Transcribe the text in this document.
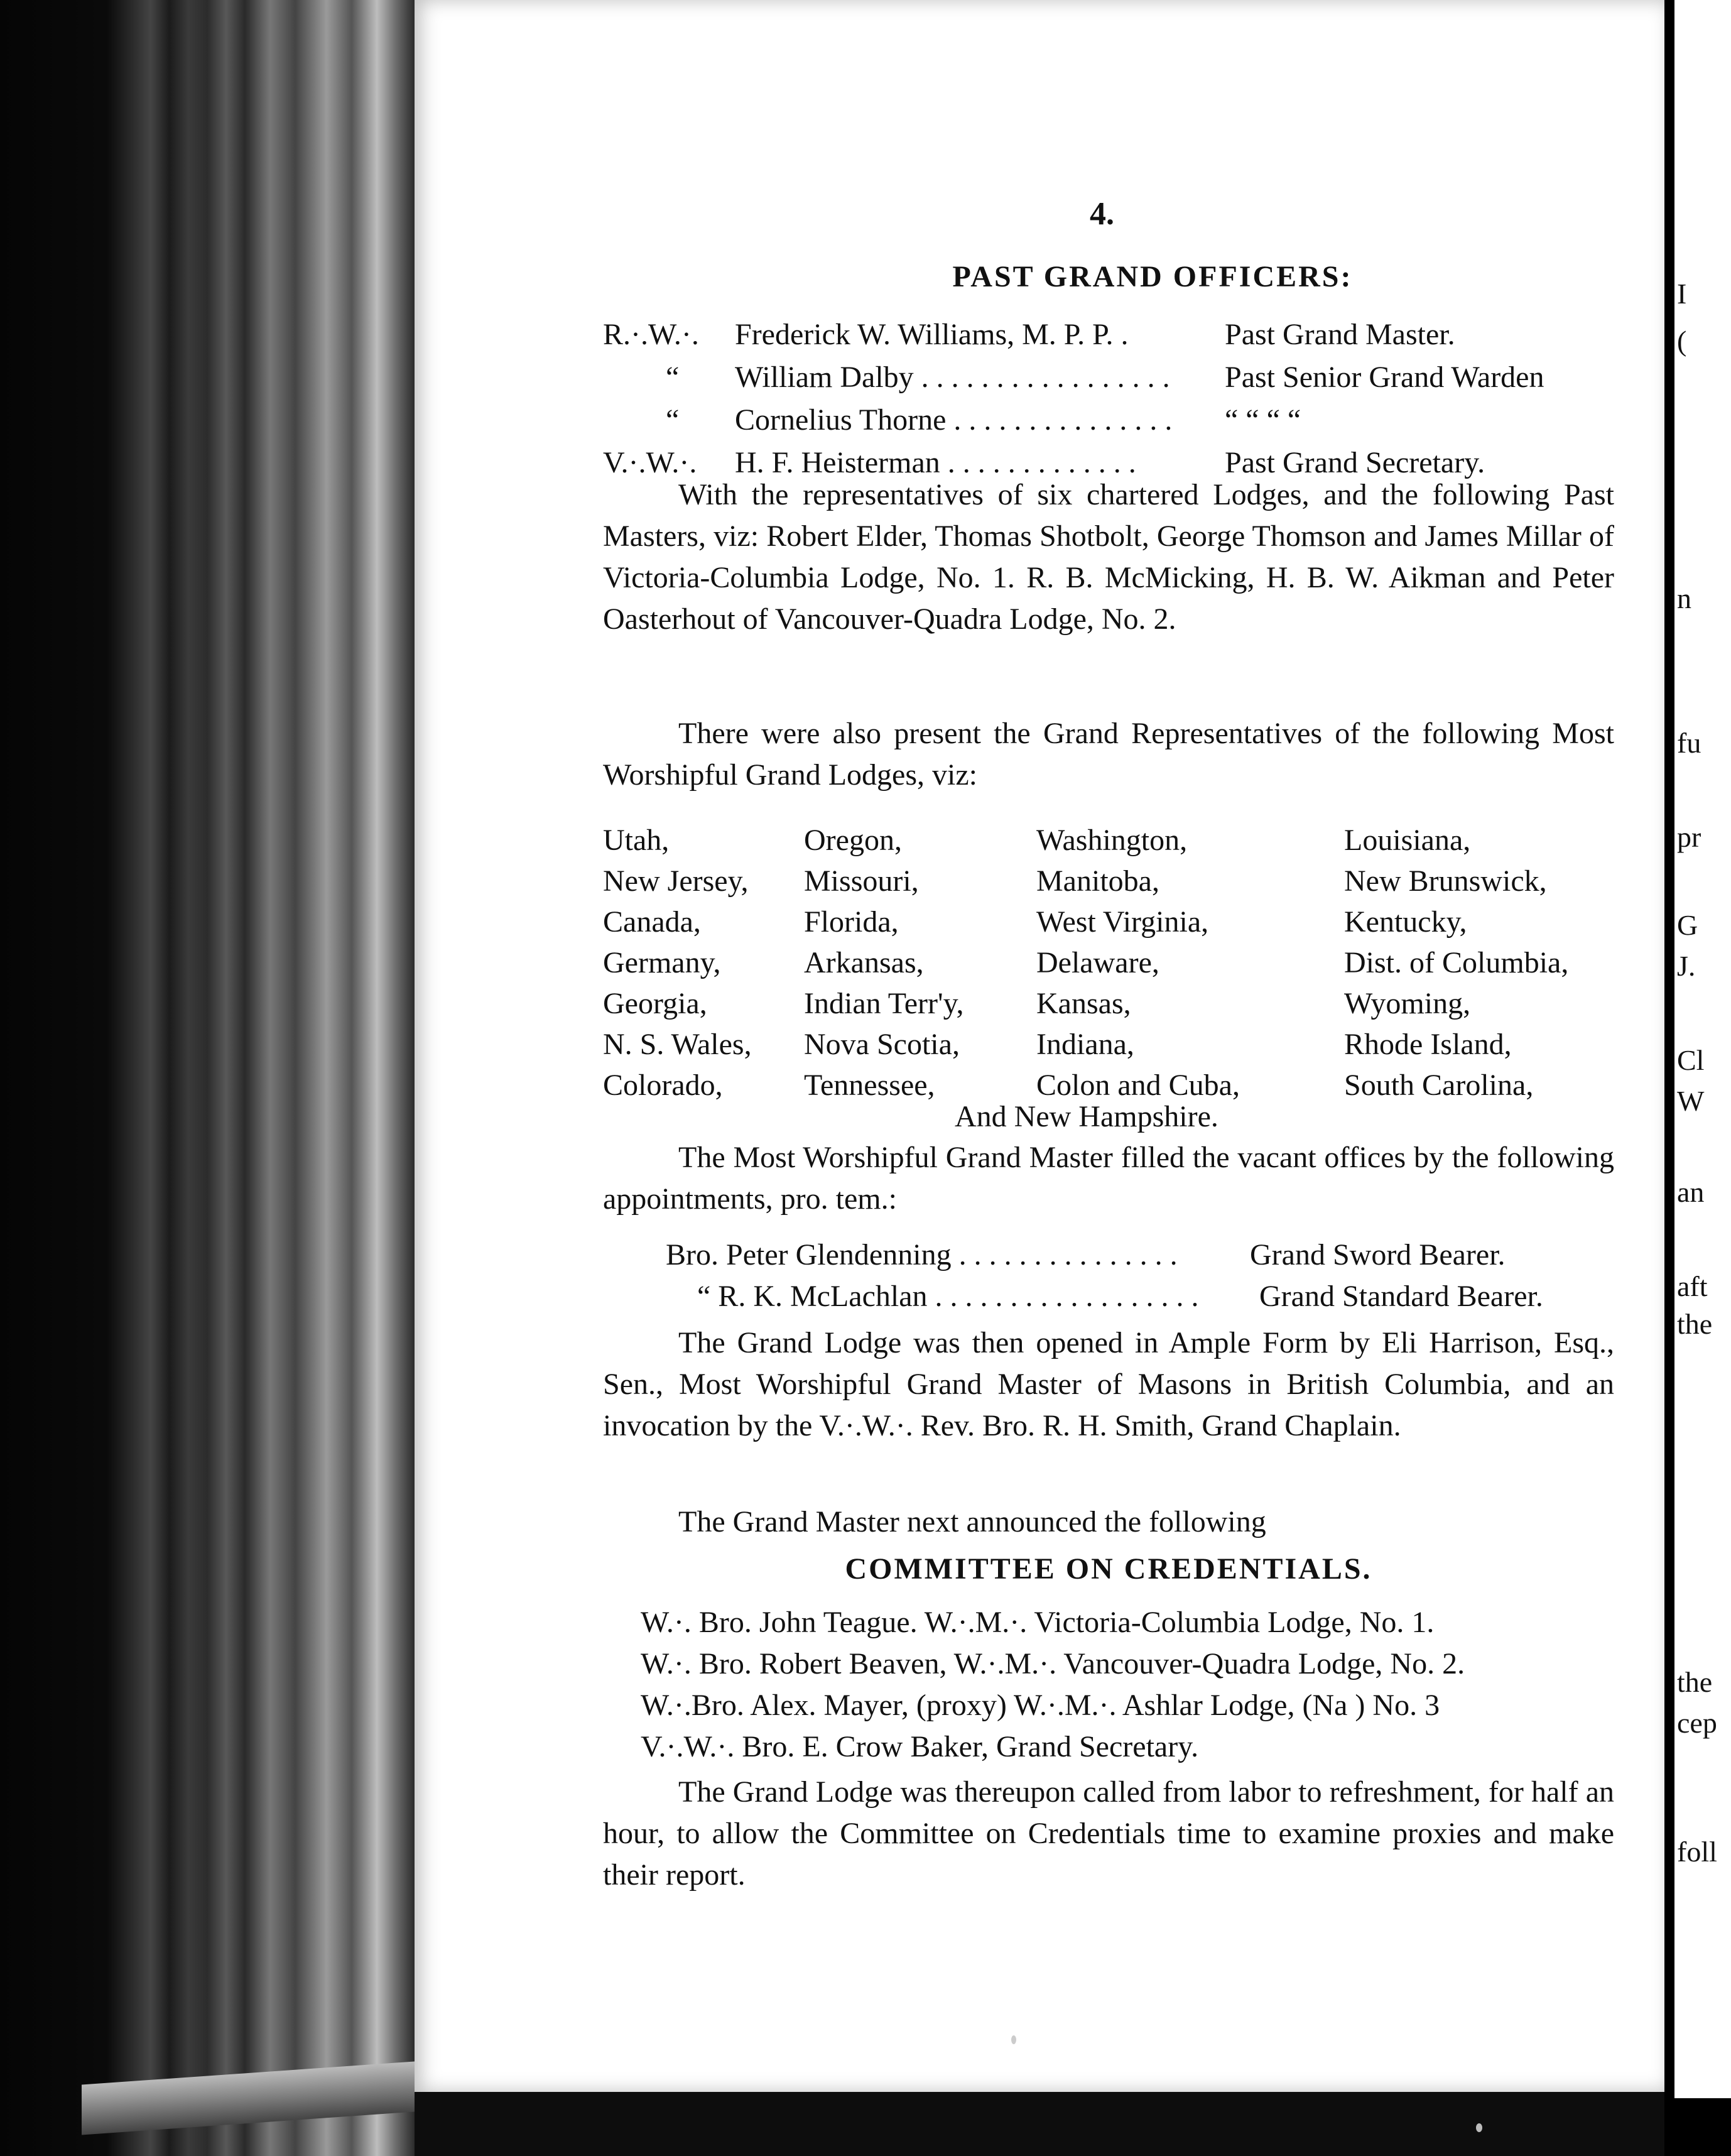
I
(
n
fu
pr
G
J.
Cl
W
an
aft
the
the
cep
foll
4.
PAST GRAND OFFICERS:
R.·.W.·. Frederick W. Williams, M. P. P. .	Past Grand Master.
“ William Dalby . . . . . . . . . . . . . . . . . Past Senior Grand Warden
“ Cornelius Thorne . . . . . . . . . . . . . . . “ “ “ “
V.·.W.·. H. F. Heisterman . . . . . . . . . . . . .	Past Grand Secretary.
With the representatives of six chartered Lodges, and the following Past Masters, viz: Robert Elder, Thomas Shotbolt, George Thomson and James Millar of Victoria-Columbia Lodge, No. 1. R. B. McMicking, H. B. W. Aikman and Peter Oasterhout of Vancouver-Quadra Lodge, No. 2.
There were also present the Grand Representatives of the following Most Worshipful Grand Lodges, viz:
Utah,	Oregon,	Washington,	Louisiana,
New Jersey,	Missouri,	Manitoba,	New Brunswick,
Canada,	Florida,	West Virginia,	Kentucky,
Germany,	Arkansas,	Delaware,	Dist. of Columbia,
Georgia,	Indian Terr'y,	Kansas,	Wyoming,
N. S. Wales,	Nova Scotia,	Indiana,	Rhode Island,
Colorado,	Tennessee,	Colon and Cuba,	South Carolina,
And New Hampshire.
The Most Worshipful Grand Master filled the vacant offices by the following appointments, pro. tem.:
Bro. Peter Glendenning . . . . . . . . . . . . . . . Grand Sword Bearer.
“ R. K. McLachlan . . . . . . . . . . . . . . . . . . Grand Standard Bearer.
The Grand Lodge was then opened in Ample Form by Eli Harrison, Esq., Sen., Most Worshipful Grand Master of Masons in British Columbia, and an invocation by the V.·.W.·. Rev. Bro. R. H. Smith, Grand Chaplain.
The Grand Master next announced the following
COMMITTEE ON CREDENTIALS.
W.·. Bro. John Teague. W.·.M.·. Victoria-Columbia Lodge, No. 1.
W.·. Bro. Robert Beaven, W.·.M.·. Vancouver-Quadra Lodge, No. 2.
W.·.Bro. Alex. Mayer, (proxy) W.·.M.·. Ashlar Lodge, (Na ) No. 3
V.·.W.·. Bro. E. Crow Baker, Grand Secretary.
The Grand Lodge was thereupon called from labor to refreshment, for half an hour, to allow the Committee on Credentials time to examine proxies and make their report.
